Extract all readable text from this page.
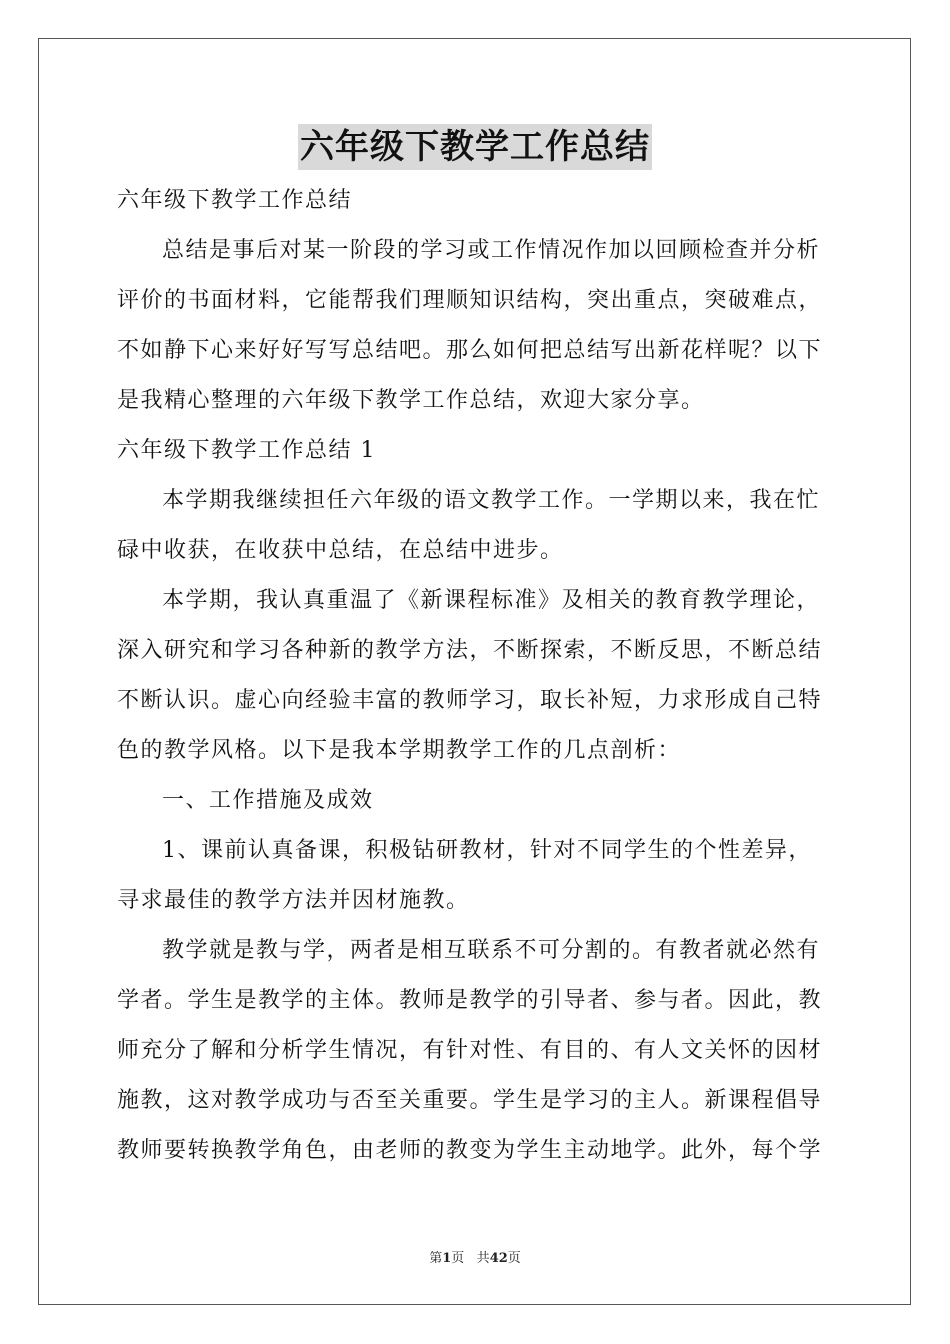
六年级下教学工作总结
六年级下教学工作总结
总结是事后对某一阶段的学习或工作情况作加以回顾检查并分析
评价的书面材料，它能帮我们理顺知识结构，突出重点，突破难点，
不如静下心来好好写写总结吧。那么如何把总结写出新花样呢？以下
是我精心整理的六年级下教学工作总结，欢迎大家分享。
六年级下教学工作总结 1
本学期我继续担任六年级的语文教学工作。一学期以来，我在忙
碌中收获，在收获中总结，在总结中进步。
本学期，我认真重温了《新课程标准》及相关的教育教学理论，
深入研究和学习各种新的教学方法，不断探索，不断反思，不断总结
不断认识。虚心向经验丰富的教师学习，取长补短，力求形成自己特
色的教学风格。以下是我本学期教学工作的几点剖析：
一、工作措施及成效
1、课前认真备课，积极钻研教材，针对不同学生的个性差异，
寻求最佳的教学方法并因材施教。
教学就是教与学，两者是相互联系不可分割的。有教者就必然有
学者。学生是教学的主体。教师是教学的引导者、参与者。因此，教
师充分了解和分析学生情况，有针对性、有目的、有人文关怀的因材
施教，这对教学成功与否至关重要。学生是学习的主人。新课程倡导
教师要转换教学角色，由老师的教变为学生主动地学。此外，每个学
第1页 共42页
